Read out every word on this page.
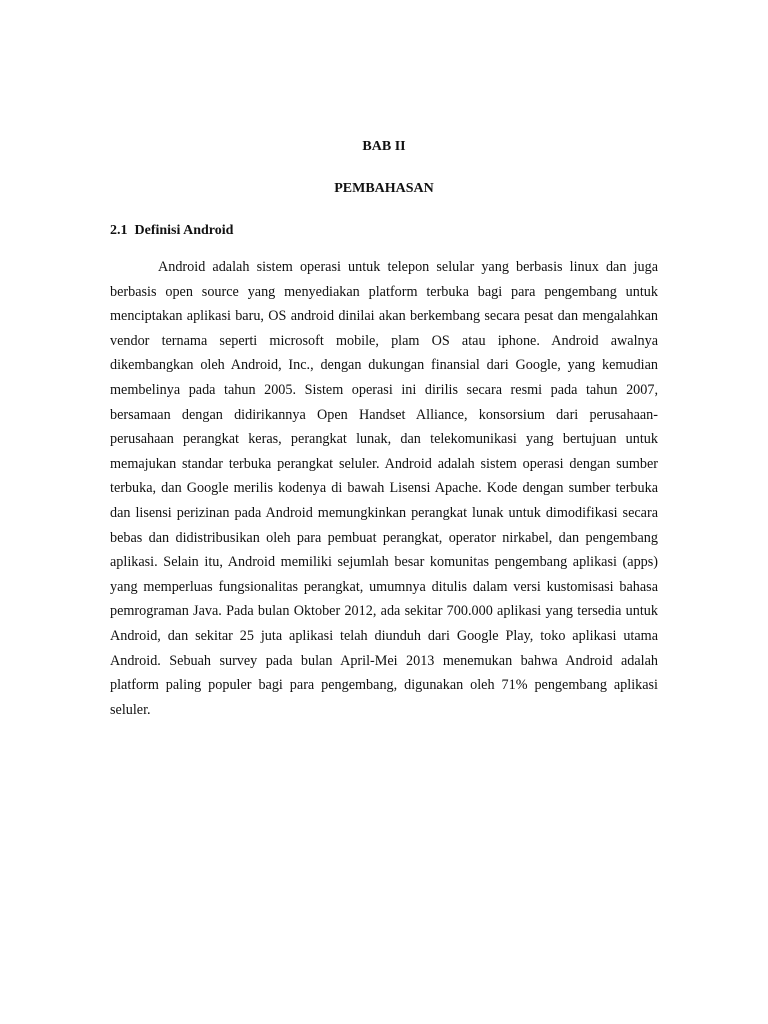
BAB II
PEMBAHASAN
2.1  Definisi Android

Android adalah sistem operasi untuk telepon selular yang berbasis linux dan juga berbasis open source yang menyediakan platform terbuka bagi para pengembang untuk menciptakan aplikasi baru, OS android dinilai akan berkembang secara pesat dan mengalahkan vendor ternama seperti microsoft mobile, plam OS atau iphone. Android awalnya dikembangkan oleh Android, Inc., dengan dukungan finansial dari Google, yang kemudian membelinya pada tahun 2005. Sistem operasi ini dirilis secara resmi pada tahun 2007, bersamaan dengan didirikannya Open Handset Alliance, konsorsium dari perusahaan-perusahaan perangkat keras, perangkat lunak, dan telekomunikasi yang bertujuan untuk memajukan standar terbuka perangkat seluler. Android adalah sistem operasi dengan sumber terbuka, dan Google merilis kodenya di bawah Lisensi Apache. Kode dengan sumber terbuka dan lisensi perizinan pada Android memungkinkan perangkat lunak untuk dimodifikasi secara bebas dan didistribusikan oleh para pembuat perangkat, operator nirkabel, dan pengembang aplikasi. Selain itu, Android memiliki sejumlah besar komunitas pengembang aplikasi (apps) yang memperluas fungsionalitas perangkat, umumnya ditulis dalam versi kustomisasi bahasa pemrograman Java. Pada bulan Oktober 2012, ada sekitar 700.000 aplikasi yang tersedia untuk Android, dan sekitar 25 juta aplikasi telah diunduh dari Google Play, toko aplikasi utama Android. Sebuah survey pada bulan April-Mei 2013 menemukan bahwa Android adalah platform paling populer bagi para pengembang, digunakan oleh 71% pengembang aplikasi seluler.
